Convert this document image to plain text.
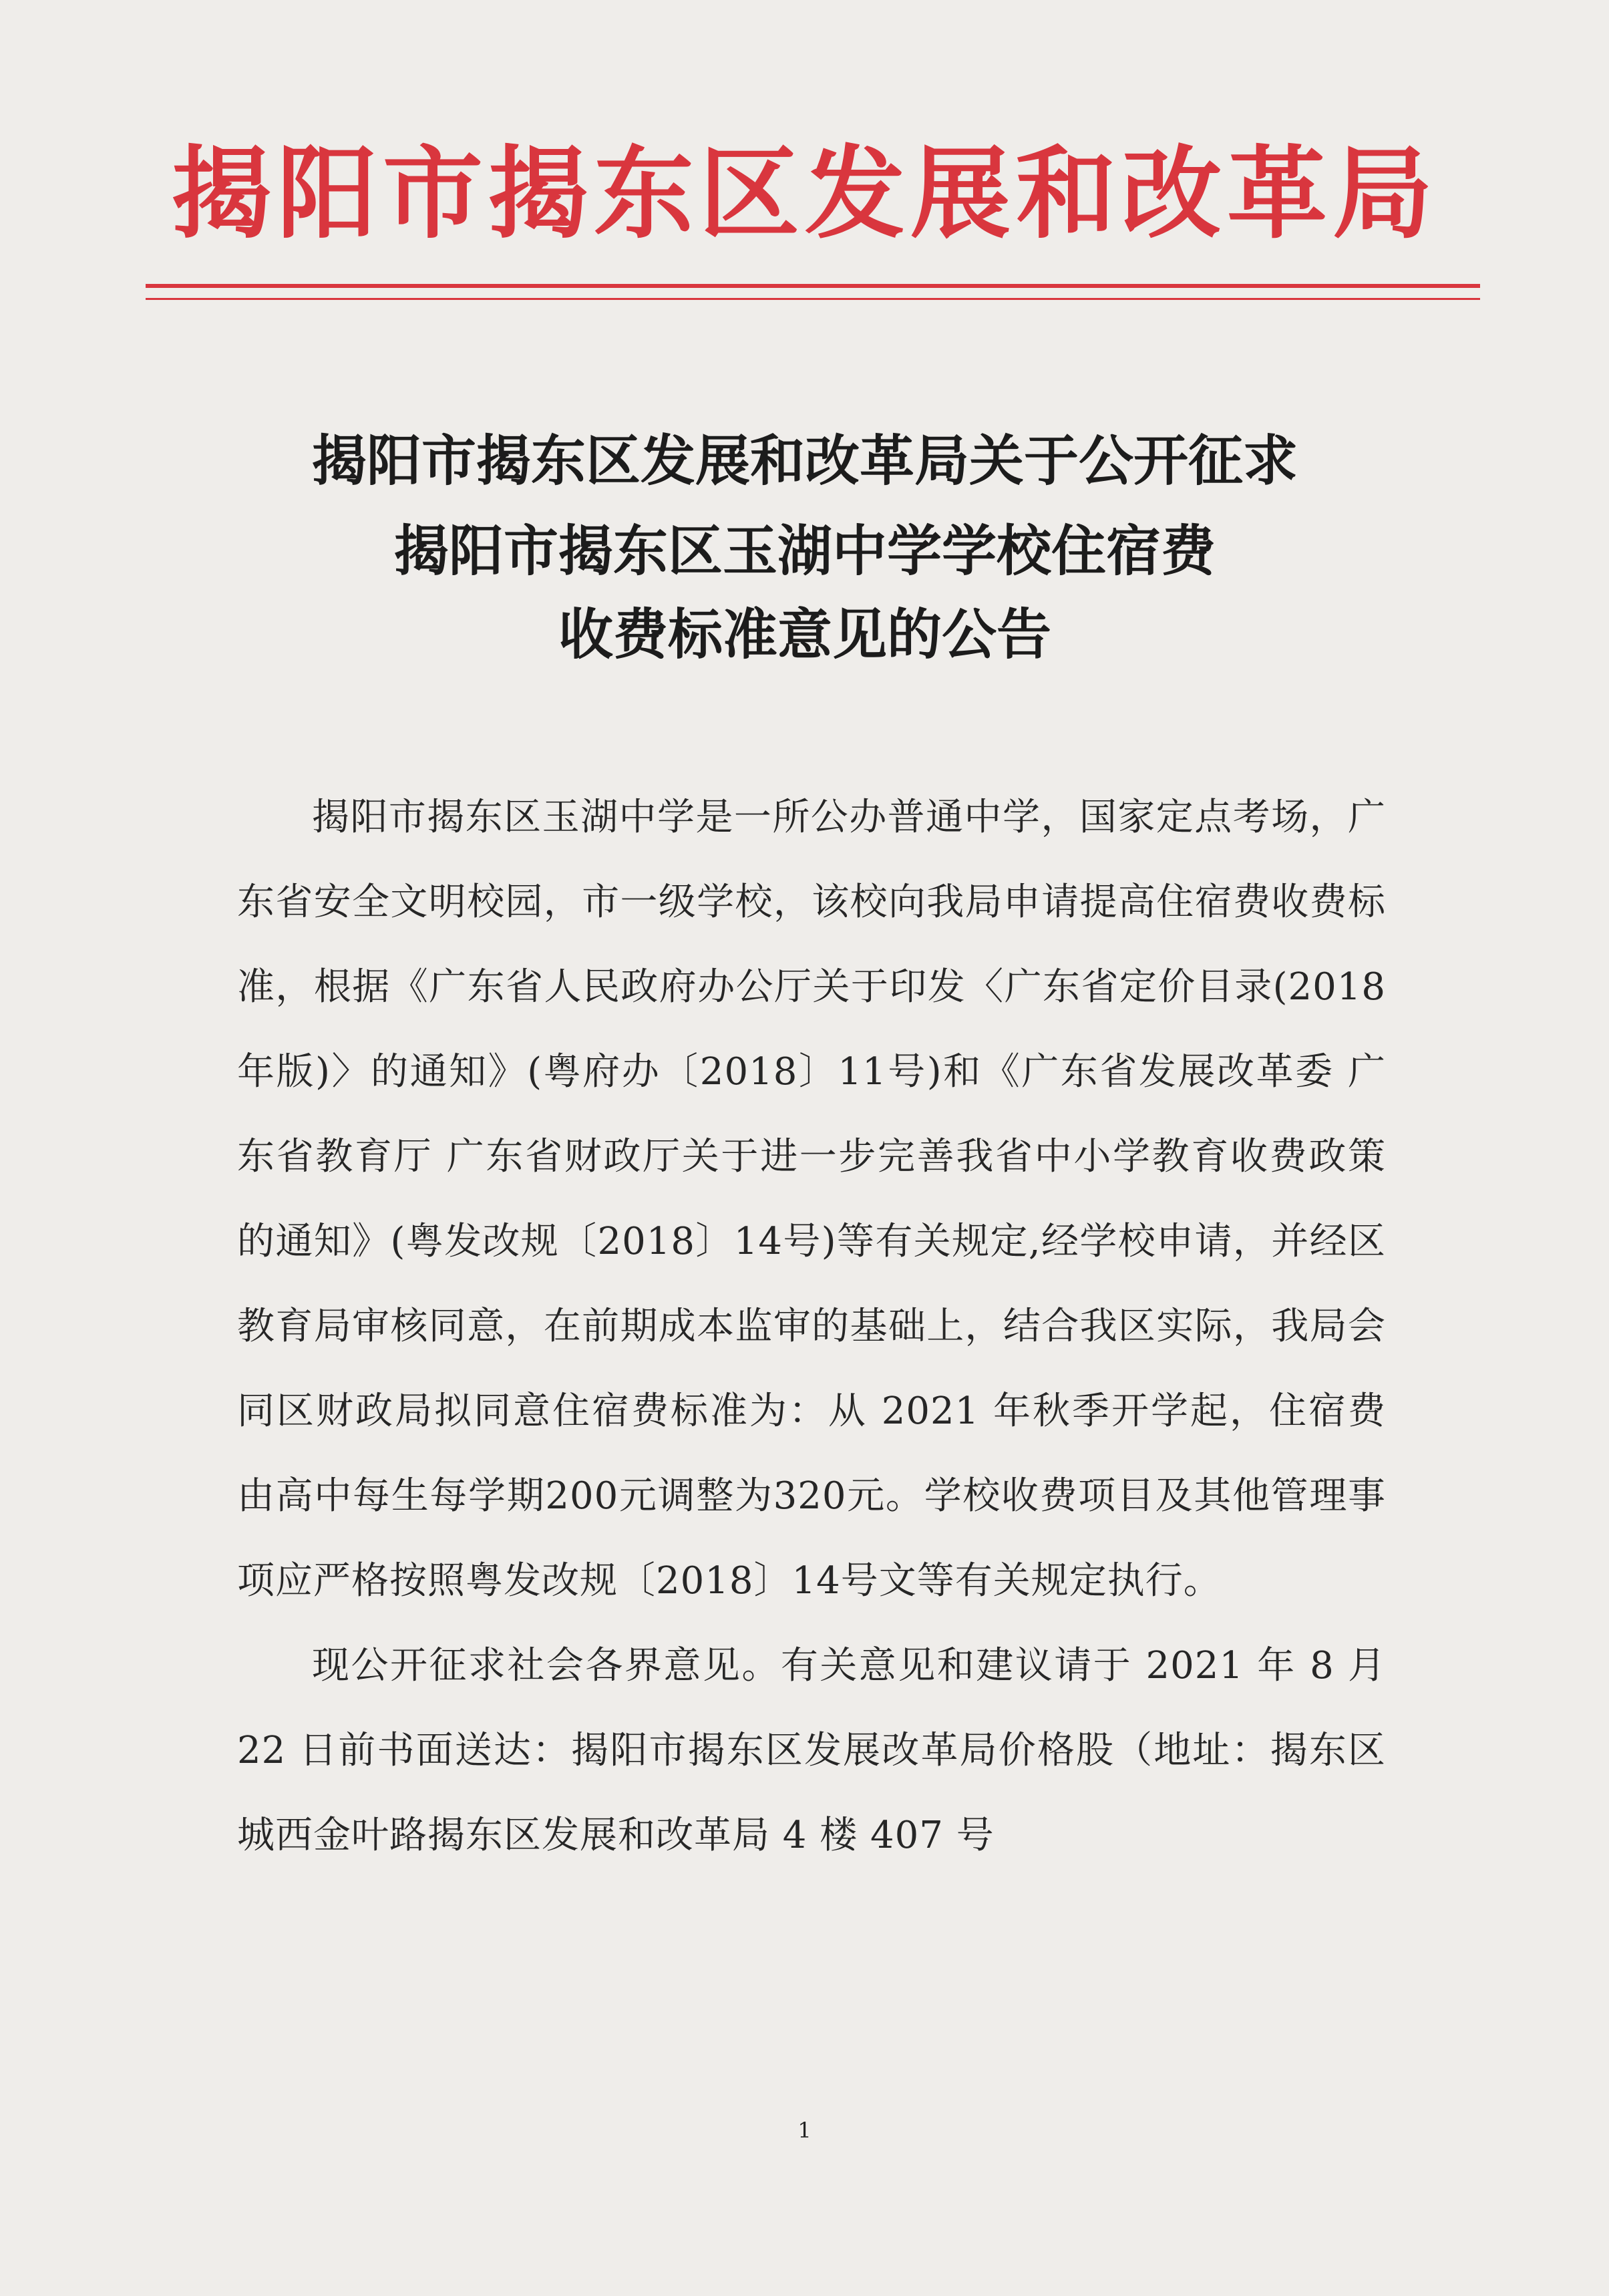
揭阳市揭东区发展和改革局
揭阳市揭东区发展和改革局关于公开征求
揭阳市揭东区玉湖中学学校住宿费
收费标准意见的公告

揭阳市揭东区玉湖中学是一所公办普通中学，国家定点考场，广东省安全文明校园，市一级学校，该校向我局申请提高住宿费收费标准，根据《广东省人民政府办公厅关于印发〈广东省定价目录(2018年版)〉的通知》(粤府办〔2018〕11号)和《广东省发展改革委 广东省教育厅 广东省财政厅关于进一步完善我省中小学教育收费政策的通知》(粤发改规〔2018〕14号)等有关规定,经学校申请，并经区教育局审核同意，在前期成本监审的基础上，结合我区实际，我局会同区财政局拟同意住宿费标准为：从 2021 年秋季开学起，住宿费由高中每生每学期200元调整为320元。学校收费项目及其他管理事项应严格按照粤发改规〔2018〕14号文等有关规定执行。

现公开征求社会各界意见。有关意见和建议请于 2021 年 8 月 22 日前书面送达：揭阳市揭东区发展改革局价格股（地址：揭东区城西金叶路揭东区发展和改革局 4 楼 407 号

1
